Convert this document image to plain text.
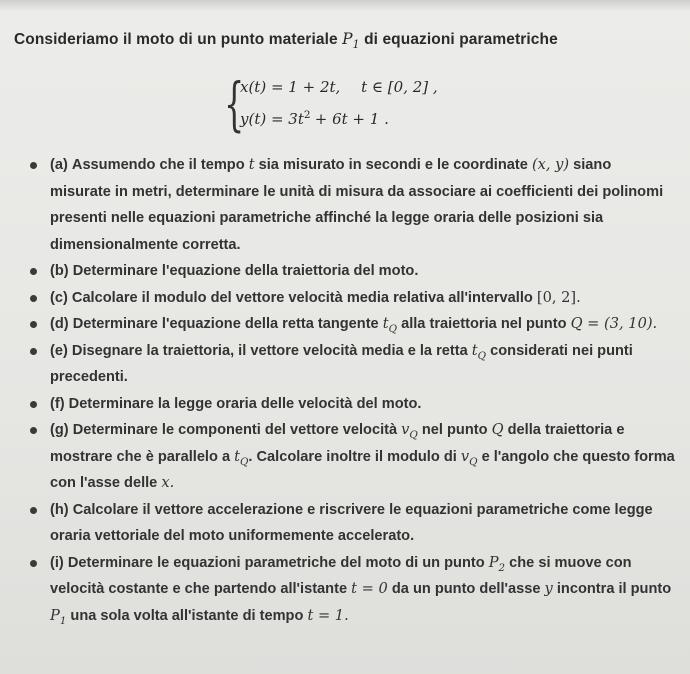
Consideriamo il moto di un punto materiale $P_1$ di equazioni parametriche
{
x(t) = 1 + 2t, t ∈ [0, 2] ,
$y(t) = 3t^2 + 6t + 1$ .
(a) Assumendo che il tempo t sia misurato in secondi e le coordinate (x, y) siano misurate in metri, determinare le unità di misura da associare ai coefficienti dei polinomi presenti nelle equazioni parametriche affinché la legge oraria delle posizioni sia dimensionalmente corretta.
(b) Determinare l'equazione della traiettoria del moto.
(c) Calcolare il modulo del vettore velocità media relativa all'intervallo [0, 2].
(d) Determinare l'equazione della retta tangente $t_Q$ alla traiettoria nel punto Q = (3, 10).
(e) Disegnare la traiettoria, il vettore velocità media e la retta $t_Q$ considerati nei punti precedenti.
(f) Determinare la legge oraria delle velocità del moto.
(g) Determinare le componenti del vettore velocità $v_Q$ nel punto Q della traiettoria e mostrare che è parallelo a $t_Q$. Calcolare inoltre il modulo di $v_Q$ e l'angolo che questo forma con l'asse delle x.
(h) Calcolare il vettore accelerazione e riscrivere le equazioni parametriche come legge oraria vettoriale del moto uniformemente accelerato.
(i) Determinare le equazioni parametriche del moto di un punto $P_2$ che si muove con velocità costante e che partendo all'istante t = 0 da un punto dell'asse y incontra il punto $P_1$ una sola volta all'istante di tempo t = 1.
